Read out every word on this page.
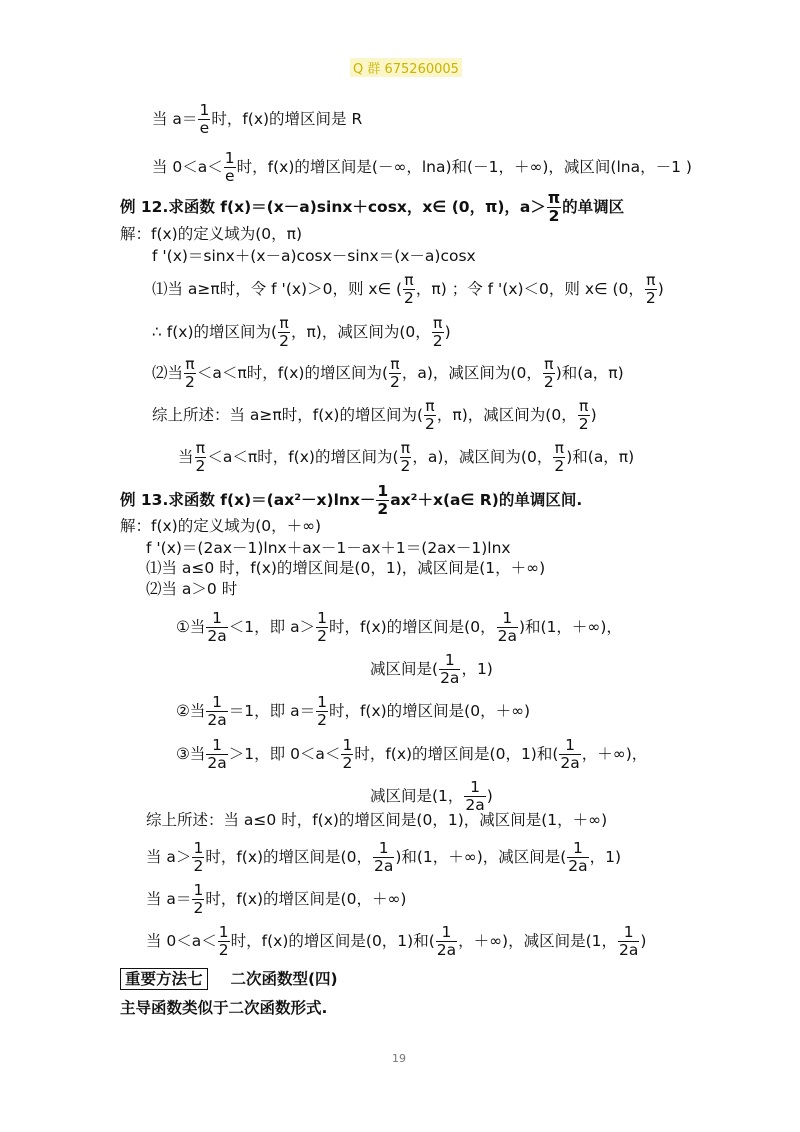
Q 群 675260005
当 $a= \frac{1}{e}$ 时，f(x)的增区间是 R
当 $0<a< \frac{1}{e}$ 时，f(x)的增区间是(－∞，lna)和(－1，＋∞)，减区间(lna，－1 )
例 12.求函数 f(x)＝(x－a)sinx＋cosx，x∈ (0，π)，$a> \frac{\pi}{2}$ 的单调区
解：f(x)的定义域为(0，π)
f '(x)＝sinx＋(x－a)cosx－sinx＝(x－a)cosx
⑴当 a≥π时，令 f '(x)＞0，则 x∈ ( $\frac{\pi}{2}$ ，π) ；令 f '(x)＜0，则 x∈ (0， $\frac{\pi}{2}$ )
∴ f(x)的增区间为( $\frac{\pi}{2}$ ，π)，减区间为(0， $\frac{\pi}{2}$ )
⑵当 $\frac{\pi}{2} <a<\pi$时，f(x)的增区间为( $\frac{\pi}{2}$ ，a)，减区间为(0， $\frac{\pi}{2}$ )和(a，π)
综上所述：当 a≥π时，f(x)的增区间为( $\frac{\pi}{2}$ ，π)，减区间为(0， $\frac{\pi}{2}$ )
当 $\frac{\pi}{2} <a<\pi$时，f(x)的增区间为( $\frac{\pi}{2}$ ，a)，减区间为(0， $\frac{\pi}{2}$ )和(a，π)
例 13.求函数 $f(x)=(ax^2-x)\ln x- \frac{1}{2}$ ax²＋x(a∈ R)的单调区间.
解：f(x)的定义域为(0，＋∞)
f '(x)＝(2ax－1)lnx＋ax－1－ax＋1＝(2ax－1)lnx
⑴当 a≤0 时，f(x)的增区间是(0，1)，减区间是(1，＋∞)
⑵当 a＞0 时
①当 $\frac{1}{2a} <1$，即 $a> \frac{1}{2}$ 时，f(x)的增区间是(0， $\frac{1}{2a}$ )和(1，＋∞)，
减区间是( $\frac{1}{2a}$ ，1)
②当 $\frac{1}{2a} =1$，即 $a= \frac{1}{2}$ 时，f(x)的增区间是(0，＋∞)
③当 $\frac{1}{2a} >1$，即 $0<a< \frac{1}{2}$ 时，f(x)的增区间是(0，1)和( $\frac{1}{2a}$ ，＋∞)，
减区间是(1， $\frac{1}{2a}$ )
综上所述：当 a≤0 时，f(x)的增区间是(0，1)，减区间是(1，＋∞)
当 $a> \frac{1}{2}$ 时，f(x)的增区间是(0， $\frac{1}{2a}$ )和(1，＋∞)，减区间是( $\frac{1}{2a}$ ，1)
当 $a= \frac{1}{2}$ 时，f(x)的增区间是(0，＋∞)
当 $0<a< \frac{1}{2}$ 时，f(x)的增区间是(0，1)和( $\frac{1}{2a}$ ，＋∞)，减区间是(1， $\frac{1}{2a}$ )
重要方法七 二次函数型(四)
主导函数类似于二次函数形式.
19
